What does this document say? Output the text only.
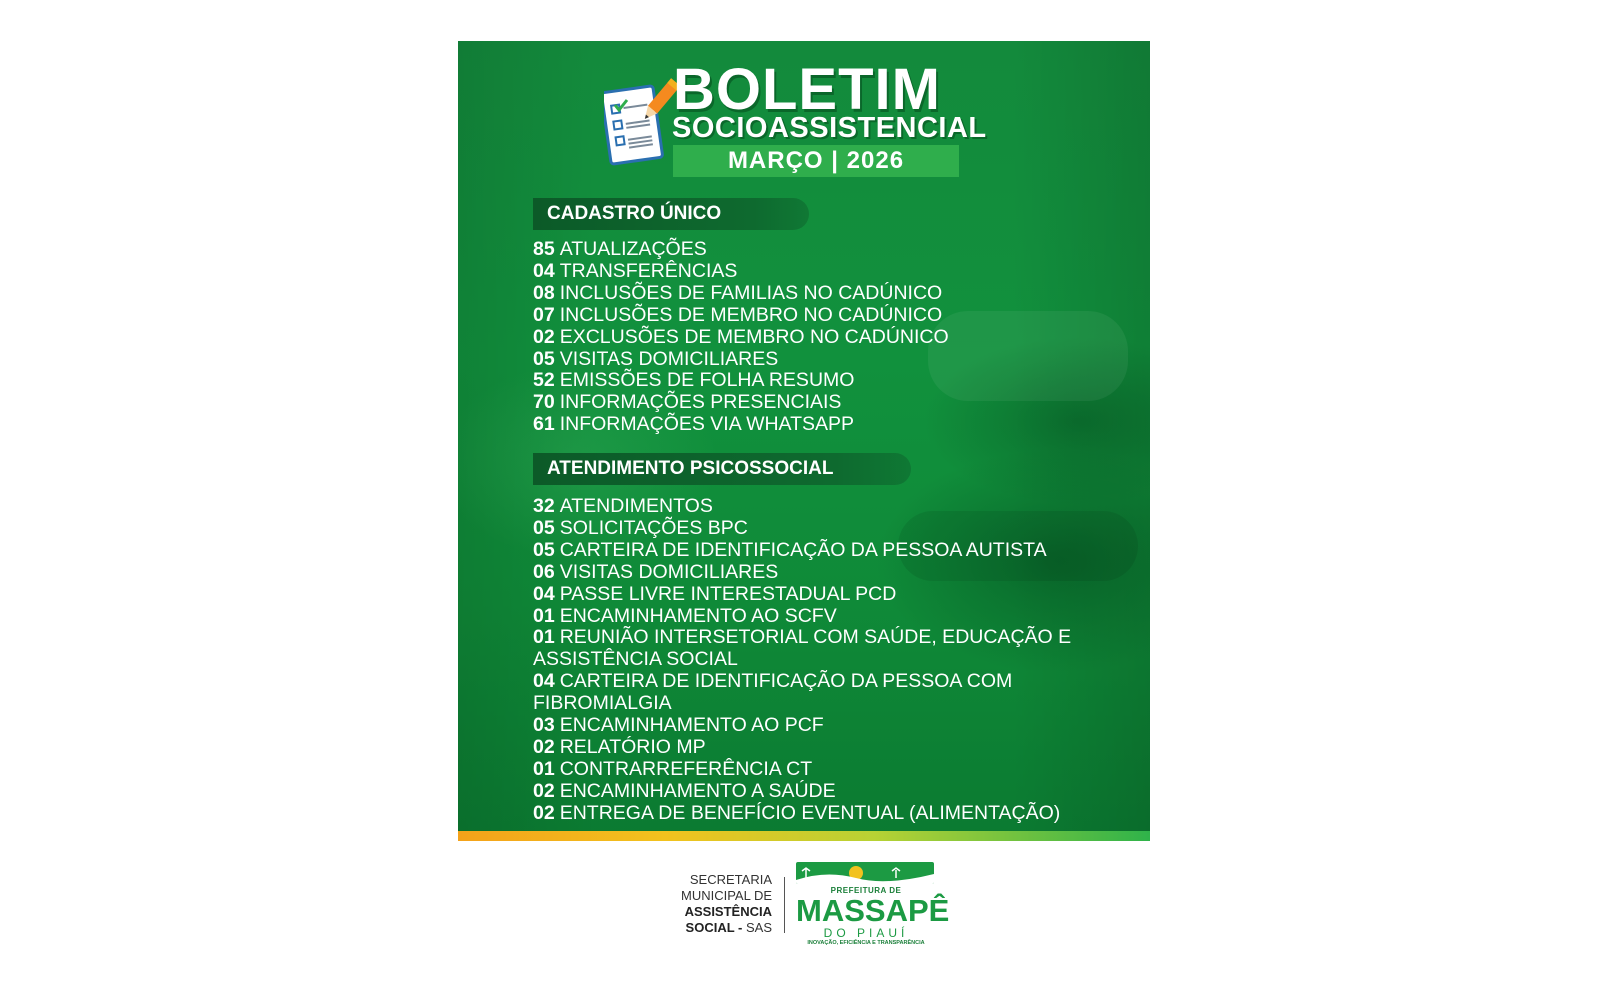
BOLETIM
SOCIOASSISTENCIAL
MARÇO | 2026
CADASTRO ÚNICO
85 ATUALIZAÇÕES
04 TRANSFERÊNCIAS
08 INCLUSÕES DE FAMILIAS NO CADÚNICO
07 INCLUSÕES DE MEMBRO NO CADÚNICO
02 EXCLUSÕES DE MEMBRO NO CADÚNICO
05 VISITAS DOMICILIARES
52 EMISSÕES DE FOLHA RESUMO
70 INFORMAÇÕES PRESENCIAIS
61 INFORMAÇÕES VIA WHATSAPP
ATENDIMENTO PSICOSSOCIAL
32 ATENDIMENTOS
05 SOLICITAÇÕES BPC
05 CARTEIRA DE IDENTIFICAÇÃO DA PESSOA AUTISTA
06 VISITAS DOMICILIARES
04 PASSE LIVRE INTERESTADUAL PCD
01 ENCAMINHAMENTO AO SCFV
01 REUNIÃO INTERSETORIAL COM SAÚDE, EDUCAÇÃO E ASSISTÊNCIA SOCIAL
04 CARTEIRA DE IDENTIFICAÇÃO DA PESSOA COM FIBROMIALGIA
03 ENCAMINHAMENTO AO PCF
02 RELATÓRIO MP
01 CONTRARREFERÊNCIA CT
02 ENCAMINHAMENTO A SAÚDE
02 ENTREGA DE BENEFÍCIO EVENTUAL (ALIMENTAÇÃO)
SECRETARIA
MUNICIPAL DE
ASSISTÊNCIA
SOCIAL - SAS
PREFEITURA DE
MASSAPÊ
DO PIAUÍ
INOVAÇÃO, EFICIÊNCIA E TRANSPARÊNCIA
